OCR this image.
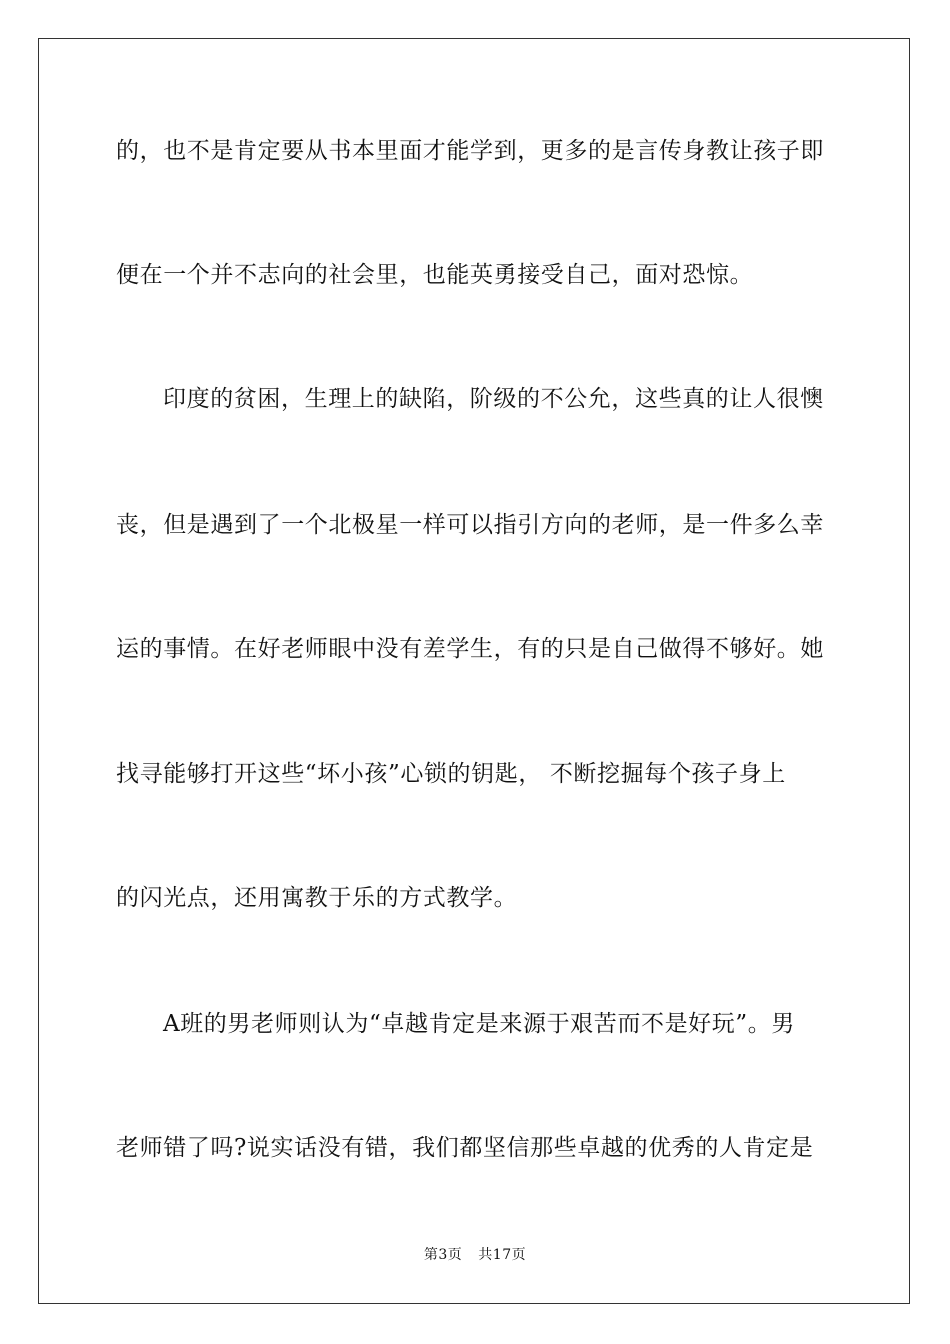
的，也不是肯定要从书本里面才能学到，更多的是言传身教让孩子即
便在一个并不志向的社会里，也能英勇接受自己，面对恐惊。
印度的贫困，生理上的缺陷，阶级的不公允，这些真的让人很懊
丧，但是遇到了一个北极星一样可以指引方向的老师，是一件多么幸
运的事情。在好老师眼中没有差学生，有的只是自己做得不够好。她
找寻能够打开这些“坏小孩”心锁的钥匙， 不断挖掘每个孩子身上
的闪光点，还用寓教于乐的方式教学。
A班的男老师则认为“卓越肯定是来源于艰苦而不是好玩”。男
老师错了吗?说实话没有错，我们都坚信那些卓越的优秀的人肯定是
第3页 共17页
